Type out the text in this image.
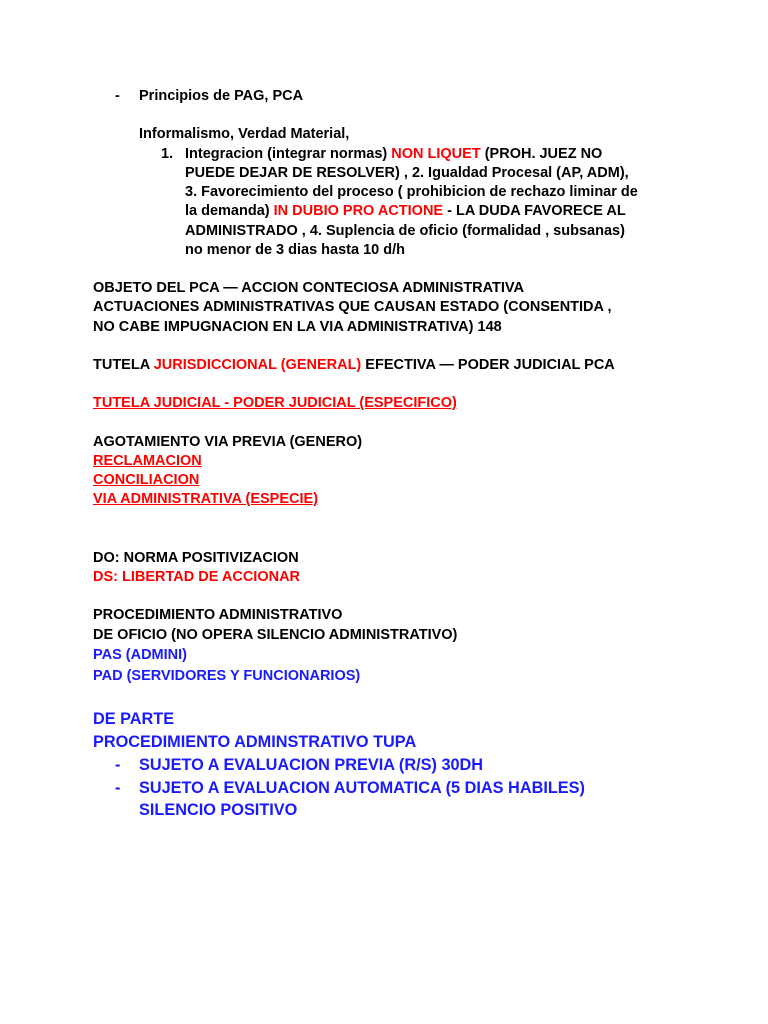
- Principios de PAG, PCA
Informalismo, Verdad Material,
1. Integracion (integrar normas) NON LIQUET (PROH. JUEZ NO
PUEDE DEJAR DE RESOLVER) , 2. Igualdad Procesal (AP, ADM),
3. Favorecimiento del proceso ( prohibicion de rechazo liminar de
la demanda) IN DUBIO PRO ACTIONE - LA DUDA FAVORECE AL
ADMINISTRADO , 4. Suplencia de oficio (formalidad , subsanas)
no menor de 3 dias hasta 10 d/h
OBJETO DEL PCA — ACCION CONTECIOSA ADMINISTRATIVA
ACTUACIONES ADMINISTRATIVAS QUE CAUSAN ESTADO (CONSENTIDA ,
NO CABE IMPUGNACION EN LA VIA ADMINISTRATIVA) 148
TUTELA JURISDICCIONAL (GENERAL) EFECTIVA — PODER JUDICIAL PCA
TUTELA JUDICIAL - PODER JUDICIAL (ESPECIFICO)
AGOTAMIENTO VIA PREVIA (GENERO)
RECLAMACION
CONCILIACION
VIA ADMINISTRATIVA (ESPECIE)
DO: NORMA POSITIVIZACION
DS: LIBERTAD DE ACCIONAR
PROCEDIMIENTO ADMINISTRATIVO
DE OFICIO (NO OPERA SILENCIO ADMINISTRATIVO)
PAS (ADMINI)
PAD (SERVIDORES Y FUNCIONARIOS)
DE PARTE
PROCEDIMIENTO ADMINSTRATIVO TUPA
- SUJETO A EVALUACION PREVIA (R/S) 30DH
- SUJETO A EVALUACION AUTOMATICA (5 DIAS HABILES)
SILENCIO POSITIVO
